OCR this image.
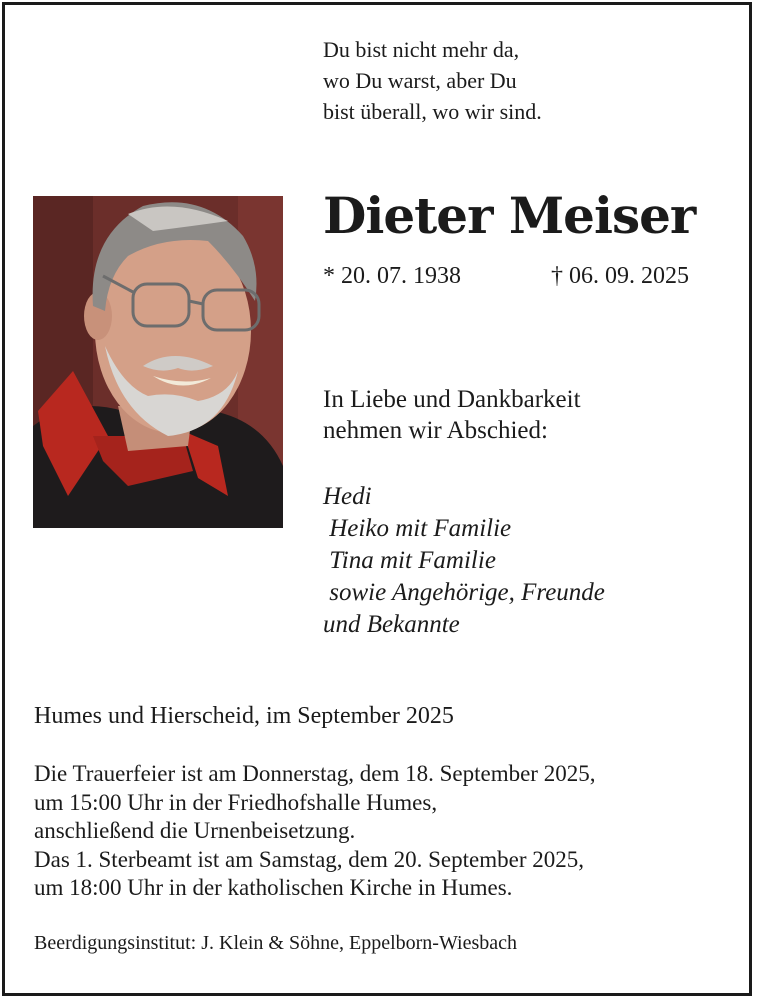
Du bist nicht mehr da,
wo Du warst, aber Du
bist überall, wo wir sind.
Dieter Meiser
* 20. 07. 1938	† 06. 09. 2025
In Liebe und Dankbarkeit
nehmen wir Abschied:
Hedi
Heiko mit Familie
Tina mit Familie
sowie Angehörige, Freunde
und Bekannte
Humes und Hierscheid, im September 2025
Die Trauerfeier ist am Donnerstag, dem 18. September 2025,
um 15:00 Uhr in der Friedhofshalle Humes,
anschließend die Urnenbeisetzung.
Das 1. Sterbeamt ist am Samstag, dem 20. September 2025,
um 18:00 Uhr in der katholischen Kirche in Humes.
Beerdigungsinstitut: J. Klein & Söhne, Eppelborn-Wiesbach
